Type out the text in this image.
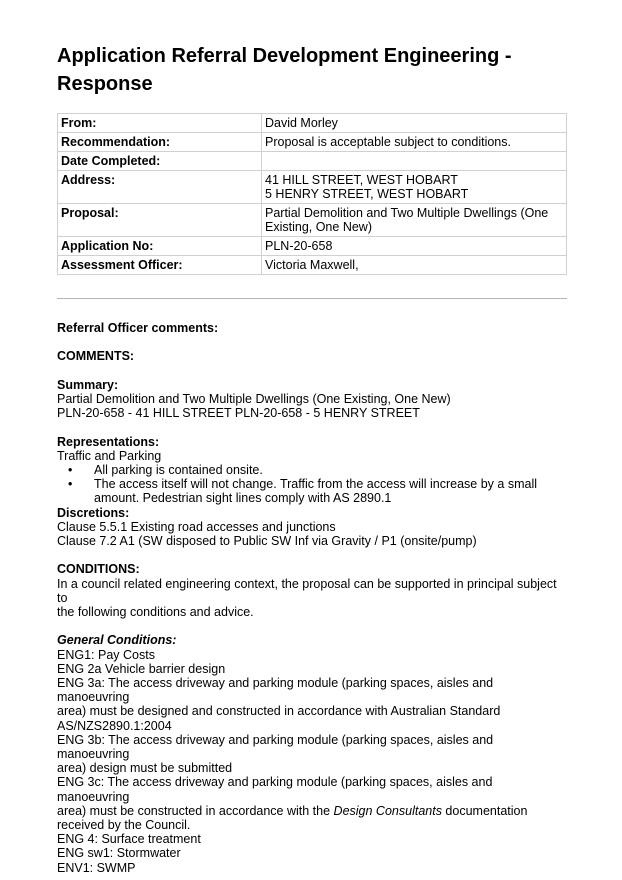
Application Referral Development Engineering - Response
From:	David Morley

Recommendation:	Proposal is acceptable subject to conditions.

Date Completed:	

Address:	41 HILL STREET, WEST HOBART
5 HENRY STREET, WEST HOBART

Proposal:	Partial Demolition and Two Multiple Dwellings (One
Existing, One New)

Application No:	PLN-20-658

Assessment Officer:	Victoria Maxwell,

Referral Officer comments:

COMMENTS:

Summary:

Partial Demolition and Two Multiple Dwellings (One Existing, One New)

PLN-20-658 - 41 HILL STREET PLN-20-658 - 5 HENRY STREET

Representations:

Traffic and Parking

• All parking is contained onsite.
• The access itself will not change. Traffic from the access will increase by a small
amount. Pedestrian sight lines comply with AS 2890.1

Discretions:

Clause 5.5.1 Existing road accesses and junctions

Clause 7.2 A1 (SW disposed to Public SW Inf via Gravity / P1 (onsite/pump)

CONDITIONS:

In a council related engineering context, the proposal can be supported in principal subject to

the following conditions and advice.

General Conditions:

ENG1: Pay Costs

ENG 2a Vehicle barrier design

ENG 3a: The access driveway and parking module (parking spaces, aisles and manoeuvring

area) must be designed and constructed in accordance with Australian Standard

AS/NZS2890.1:2004

ENG 3b: The access driveway and parking module (parking spaces, aisles and manoeuvring

area) design must be submitted

ENG 3c: The access driveway and parking module (parking spaces, aisles and manoeuvring

area) must be constructed in accordance with the Design Consultants documentation

received by the Council.

ENG 4: Surface treatment

ENG sw1: Stormwater

ENV1: SWMP
